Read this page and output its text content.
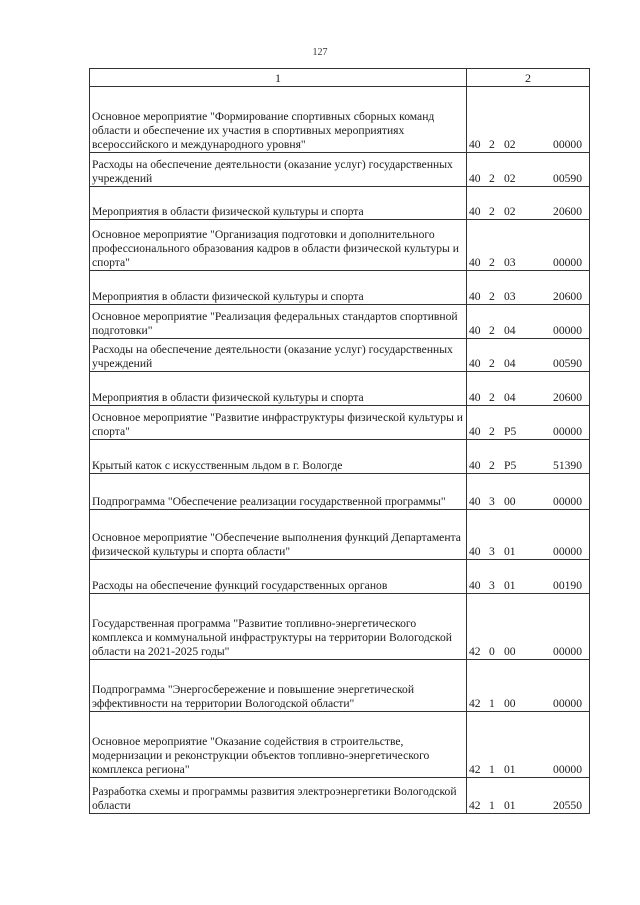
127
1	2
Основное мероприятие "Формирование спортивных сборных команд области и обеспечение их участия в спортивных мероприятиях всероссийского и международного уровня"	40 2 02 00000

Расходы на обеспечение деятельности (оказание услуг) государственных учреждений	40 2 02 00590

Мероприятия в области физической культуры и спорта	40 2 02 20600

Основное мероприятие "Организация подготовки и дополнительного профессионального образования кадров в области физической культуры и спорта"	40 2 03 00000

Мероприятия в области физической культуры и спорта	40 2 03 20600

Основное мероприятие "Реализация федеральных стандартов спортивной подготовки"	40 2 04 00000

Расходы на обеспечение деятельности (оказание услуг) государственных учреждений	40 2 04 00590

Мероприятия в области физической культуры и спорта	40 2 04 20600

Основное мероприятие "Развитие инфраструктуры физической культуры и спорта"	40 2 P5 00000

Крытый каток с искусственным льдом в г. Вологде	40 2 P5 51390

Подпрограмма "Обеспечение реализации государственной программы"	40 3 00 00000

Основное мероприятие "Обеспечение выполнения функций Департамента физической культуры и спорта области"	40 3 01 00000

Расходы на обеспечение функций государственных органов	40 3 01 00190

Государственная программа "Развитие топливно-энергетического комплекса и коммунальной инфраструктуры на территории Вологодской области на 2021-2025 годы"	42 0 00 00000

Подпрограмма "Энергосбережение и повышение энергетической эффективности на территории Вологодской области"	42 1 00 00000

Основное мероприятие "Оказание содействия в строительстве, модернизации и реконструкции объектов топливно-энергетического комплекса региона"	42 1 01 00000

Разработка схемы и программы развития электроэнергетики Вологодской области	42 1 01 20550
